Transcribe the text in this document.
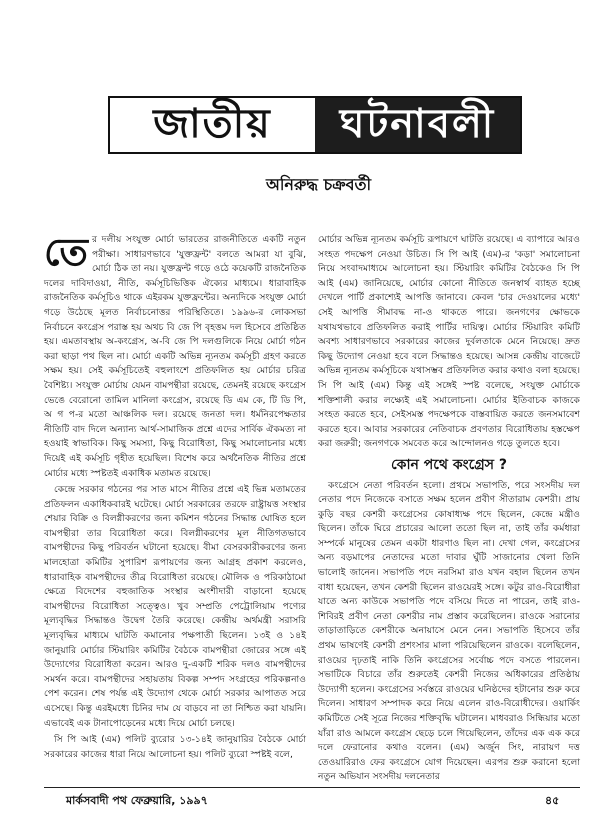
জাতীয়	ঘটনাবলী
অনিরুদ্ধ চক্রবর্তী

তের দলীয় সংযুক্ত মোর্চা ভারতের রাজনীতিতে একটি নতুন পরীক্ষা। সাধারণভাবে 'যুক্তফ্রন্ট' বলতে আমরা যা বুঝি, মোর্চা ঠিক তা নয়। যুক্তফ্রন্ট গড়ে ওঠে কয়েকটি রাজনৈতিক দলের দাবিদাওয়া, নীতি, কর্মসূচিভিত্তিক ঐক্যের মাধ্যমে। ধারাবাহিক রাজনৈতিক কর্মসূচিও থাকে এইরকম যুক্তফ্রন্টের। অন্যদিকে সংযুক্ত মোর্চা গড়ে উঠেছে মূলত নির্বাচনোত্তর পরিস্থিতিতে। ১৯৯৬-র লোকসভা নির্বাচনে কংগ্রেস পরাস্ত হয় অথচ বি জে পি বৃহত্তম দল হিসেবে প্রতিষ্ঠিত হয়। এমতাবস্থায় অ-কংগ্রেস, অ-বি জে পি দলগুলিকে নিয়ে মোর্চা গঠন করা ছাড়া পথ ছিল না। মোর্চা একটি অভিন্ন ন্যূনতম কর্মসূচী গ্রহণ করতে সক্ষম হয়। সেই কর্মসূচিতেই বহুলাংশে প্রতিফলিত হয় মোর্চার চরিত্র বৈশিষ্ট্য। সংযুক্ত মোর্চায় যেমন বামপন্থীরা রয়েছে, তেমনই রয়েছে কংগ্রেস ভেঙে বেরোনো তামিল মানিলা কংগ্রেস, রয়েছে ডি এম কে, টি ডি পি, অ গ প-র মতো আঞ্চলিক দল। রয়েছে জনতা দল। ধর্মনিরপেক্ষতার নীতিটি বাদ দিলে অন্যান্য আর্থ-সামাজিক প্রশ্নে এদের সার্বিক ঐকমত্য না হওয়াই স্বাভাবিক। কিছু সমস্যা, কিছু বিরোধিতা, কিছু সমালোচনার মধ্যে দিয়েই এই কর্মসূচি গৃহীত হয়েছিল। বিশেষ করে অর্থনৈতিক নীতির প্রশ্নে মোর্চার মধ্যে স্পষ্টতই একাধিক মতামত রয়েছে।

কেন্দ্রে সরকার গঠনের পর সাত মাসে নীতির প্রশ্নে এই ভিন্ন মতামতের প্রতিফলন একাধিকবারই ঘটেছে। মোর্চা সরকারের তরফে রাষ্ট্রায়ত্ত সংস্থার শেয়ার বিক্রি ও বিলগ্নীকরণের জন্য কমিশন গঠনের সিদ্ধান্ত ঘোষিত হলে বামপন্থীরা তার বিরোধিতা করে। বিলগ্নীকরণের মূল নীতিগতভাবে বামপন্থীদের কিছু পরিবর্তন ঘটানো হয়েছে। বীমা বেসরকারীকরণের জন্য মালহোত্রা কমিটির সুপারিশ রূপায়ণের জন্য আগ্রহ প্রকাশ করলেও, ধারাবাহিক বামপন্থীদের তীব্র বিরোধিতা রয়েছে। মৌলিক ও পরিকাঠামো ক্ষেত্রে বিদেশের বহুজাতিক সংস্থার অংশীদারী বাড়ানো হয়েছে বামপন্থীদের বিরোধিতা সত্ত্বেও। খুব সম্প্রতি পেট্রোলিয়াম পণ্যের মূল্যবৃদ্ধির সিদ্ধান্তও উদ্বেগ তৈরি করেছে। কেন্দ্রীয় অর্থমন্ত্রী সরাসরি মূল্যবৃদ্ধির মাধ্যমে ঘাটতি কমানোর পক্ষপাতী ছিলেন। ১৩ই ও ১৪ই জানুয়ারি মোর্চার স্টিয়ারিং কমিটির বৈঠকে বামপন্থীরা জোরের সঙ্গে এই উদ্যোগের বিরোধিতা করেন। আরও দু-একটি শরিক দলও বামপন্থীদের সমর্থন করে। বামপন্থীদের সহায়তায় বিকল্প সম্পদ সংগ্রহের পরিকল্পনাও পেশ করেন। শেষ পর্যন্ত এই উদ্যোগ থেকে মোর্চা সরকার আপাতত সরে এসেছে। কিন্তু এরইমধ্যে চিনির দাম যে বাড়বে না তা নিশ্চিত করা যায়নি। এভাবেই এক টানাপোড়েনের মধ্যে দিয়ে মোর্চা চলছে।

সি পি আই (এম) পলিট ব্যুরোর ১৩-১৪ই জানুয়ারির বৈঠকে মোর্চা সরকারের কাজের ধারা নিয়ে আলোচনা হয়। পলিট ব্যুরো স্পষ্টই বলে,

মোর্চার অভিন্ন ন্যূনতম কর্মসূচি রূপায়ণে ঘাটতি রয়েছে। এ ব্যাপারে আরও সংহত পদক্ষেপ নেওয়া উচিত। সি পি আই (এম)-র 'কড়া' সমালোচনা নিয়ে সংবাদমাধ্যমে আলোচনা হয়। স্টিয়ারিং কমিটির বৈঠকেও সি পি আই (এম) জানিয়েছে, মোর্চার কোনো নীতিতে জনস্বার্থ ব্যাহত হচ্ছে দেখলে পার্টি প্রকাশ্যেই আপত্তি জানাবে। কেবল 'চার দেওয়ালের মধ্যে' সেই আপত্তি সীমাবদ্ধ না-ও থাকতে পারে। জনগণের ক্ষোভকে যথাযথভাবে প্রতিফলিত করাই পার্টির দায়িত্ব। মোর্চার স্টিয়ারিং কমিটি অবশ্য সাধারণভাবে সরকারের কাজের দুর্বলতাকে মেনে নিয়েছে। দ্রুত কিছু উদ্যোগ নেওয়া হবে বলে সিদ্ধান্তও হয়েছে। আসন্ন কেন্দ্রীয় বাজেটে অভিন্ন ন্যূনতম কর্মসূচিকে যথাসম্ভব প্রতিফলিত করার কথাও বলা হয়েছে। সি পি আই (এম) কিন্তু এই সঙ্গেই স্পষ্ট বলেছে, সংযুক্ত মোর্চাকে শক্তিশালী করার লক্ষ্যেই এই সমালোচনা। মোর্চার ইতিবাচক কাজকে সংহত করতে হবে, সেইসমস্ত পদক্ষেপকে বাস্তবায়িত করতে জনসমাবেশ করতে হবে। আবার সরকারের নেতিবাচক প্রবণতার বিরোধিতায় হস্তক্ষেপ করা জরুরী; জনগণকে সমবেত করে আন্দোলনও গড়ে তুলতে হবে।

কোন পথে কংগ্রেস ?

কংগ্রেসে নেতা পরিবর্তন হলো। প্রথমে সভাপতি, পরে সংসদীয় দল নেতার পদে নিজেকে বসাতে সক্ষম হলেন প্রবীণ সীতারাম কেশরী। প্রায় কুড়ি বছর কেশরী কংগ্রেসের কোষাধ্যক্ষ পদে ছিলেন, কেন্দ্রে মন্ত্রীও ছিলেন। তাঁকে ঘিরে প্রচারের আলো ততো ছিল না, তাই তাঁর কর্মধারা সম্পর্কে মানুষের তেমন একটা ধারণাও ছিল না। দেখা গেল, কংগ্রেসের অন্য বড়মাপের নেতাদের মতো দাবার ঘুঁটি সাজানোর খেলা তিনি ভালোই জানেন। সভাপতি পদে নরসিমা রাও যখন বহাল ছিলেন তখন বাধা হয়েছেন, তখন কেশরী ছিলেন রাওয়েরই সঙ্গে। কটুর রাও-বিরোধীরা যাতে অন্য কাউকে সভাপতি পদে বসিয়ে দিতে না পারেন, তাই রাও-শিবিরই প্রবীণ নেতা কেশরীর নাম প্রস্তাব করেছিলেন। রাওকে সরানোর তাড়াতাড়িতে কেশরীকে অনায়াসে মেনে নেন। সভাপতি হিসেবে তাঁর প্রথম ভাষণেই কেশরী প্রশংসার মালা পরিয়েছিলেন রাওকে। বলেছিলেন, রাওয়ের দৃঢ়তাই নাকি তিনি কংগ্রেসের সর্বোচ্চ পদে বসতে পারলেন। সভাটিকে বিচারে তাঁর শুরুতেই কেশরী নিজের অধিকারের প্রতিষ্ঠায় উদ্যোগী হলেন। কংগ্রেসের সর্বস্তরে রাওয়ের ঘনিষ্ঠদের হটানোর শুরু করে দিলেন। সাধারণ সম্পাদক করে নিয়ে এলেন রাও-বিরোধীদের। ওয়ার্কিং কমিটিতে সেই সূত্রে নিজের শক্তিবৃদ্ধি ঘটালেন। মাধবরাও সিন্ধিয়ার মতো যাঁরা রাও আমলে কংগ্রেস ছেড়ে চলে গিয়েছিলেন, তাঁদের এক এক করে দলে ফেরানোর কথাও বলেন। (এম) অর্জুন সিং, নারায়ণ দত্ত তেওয়ারিরাও ফের কংগ্রেসে যোগ দিয়েছেন। এরপর শুরু করানো হলো নতুন অভিযান সংসদীয় দলনেতার

মার্কসবাদী পথ ফেব্রুয়ারি, ১৯৯৭	৪৫
